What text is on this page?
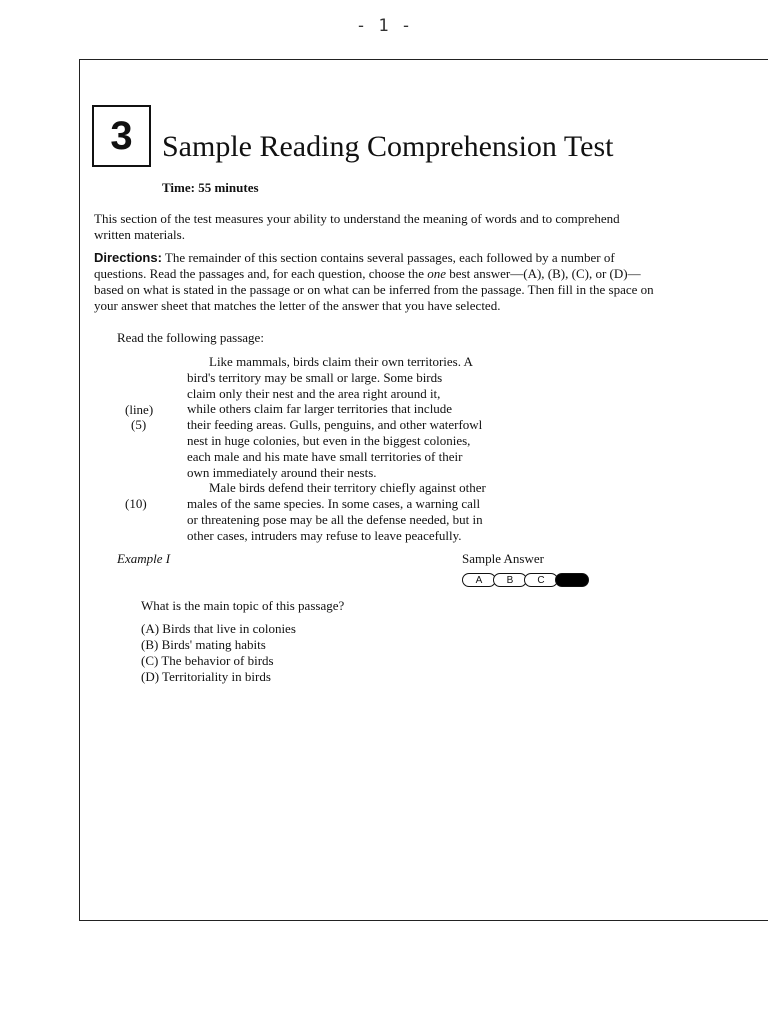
- 1 -
3 Sample Reading Comprehension Test
Time: 55 minutes
This section of the test measures your ability to understand the meaning of words and to comprehend written materials.
Directions: The remainder of this section contains several passages, each followed by a number of questions. Read the passages and, for each question, choose the one best answer—(A), (B), (C), or (D)—based on what is stated in the passage or on what can be inferred from the passage. Then fill in the space on your answer sheet that matches the letter of the answer that you have selected.
Read the following passage:
Like mammals, birds claim their own territories. A
bird's territory may be small or large. Some birds
claim only their nest and the area right around it,
while others claim far larger territories that include
their feeding areas. Gulls, penguins, and other waterfowl
nest in huge colonies, but even in the biggest colonies,
each male and his mate have small territories of their
own immediately around their nests.
Male birds defend their territory chiefly against other
males of the same species. In some cases, a warning call
or threatening pose may be all the defense needed, but in
other cases, intruders may refuse to leave peacefully.
(line)
(5)
(10)
Example I	Sample Answer
A	B	C	D
What is the main topic of this passage?
(A) Birds that live in colonies
(B) Birds' mating habits
(C) The behavior of birds
(D) Territoriality in birds
